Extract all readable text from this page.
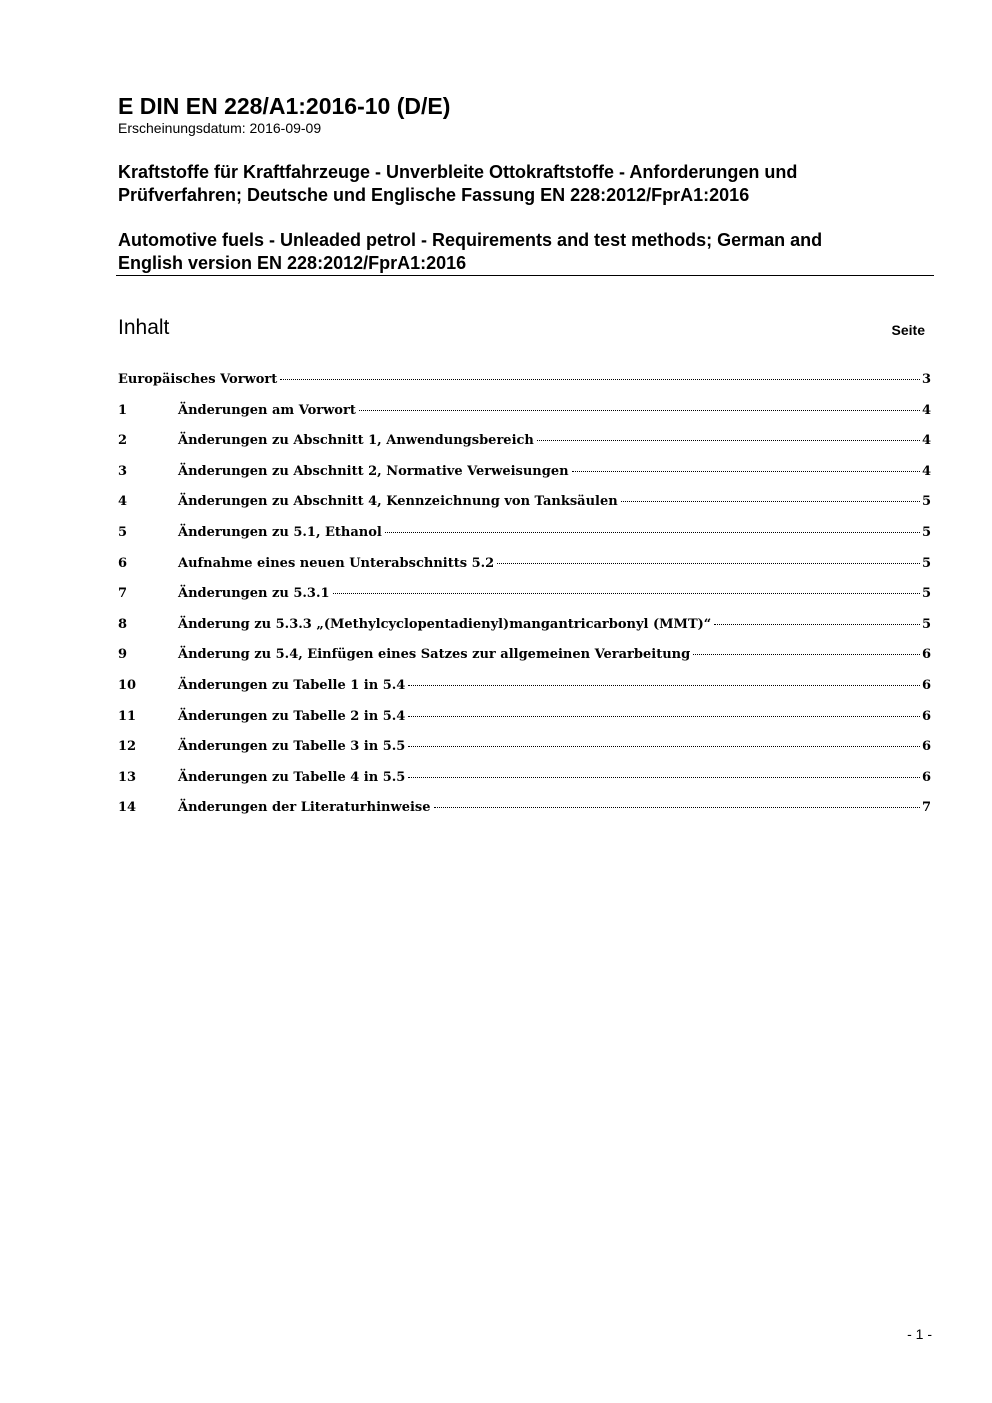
E DIN EN 228/A1:2016-10 (D/E)

Erscheinungsdatum: 2016-09-09

Kraftstoffe für Kraftfahrzeuge - Unverbleite Ottokraftstoffe - Anforderungen und
Prüfverfahren; Deutsche und Englische Fassung EN 228:2012/FprA1:2016
Automotive fuels - Unleaded petrol - Requirements and test methods; German and
English version EN 228:2012/FprA1:2016
Inhalt	Seite
Europäisches Vorwort	3
1	Änderungen am Vorwort	4
2	Änderungen zu Abschnitt 1, Anwendungsbereich	4
3	Änderungen zu Abschnitt 2, Normative Verweisungen	4
4	Änderungen zu Abschnitt 4, Kennzeichnung von Tanksäulen	5
5	Änderungen zu 5.1, Ethanol	5
6	Aufnahme eines neuen Unterabschnitts 5.2	5
7	Änderungen zu 5.3.1	5
8	Änderung zu 5.3.3 „(Methylcyclopentadienyl)mangantricarbonyl (MMT)“	5
9	Änderung zu 5.4, Einfügen eines Satzes zur allgemeinen Verarbeitung	6
10	Änderungen zu Tabelle 1 in 5.4	6
11	Änderungen zu Tabelle 2 in 5.4	6
12	Änderungen zu Tabelle 3 in 5.5	6
13	Änderungen zu Tabelle 4 in 5.5	6
14	Änderungen der Literaturhinweise	7
- 1 -
